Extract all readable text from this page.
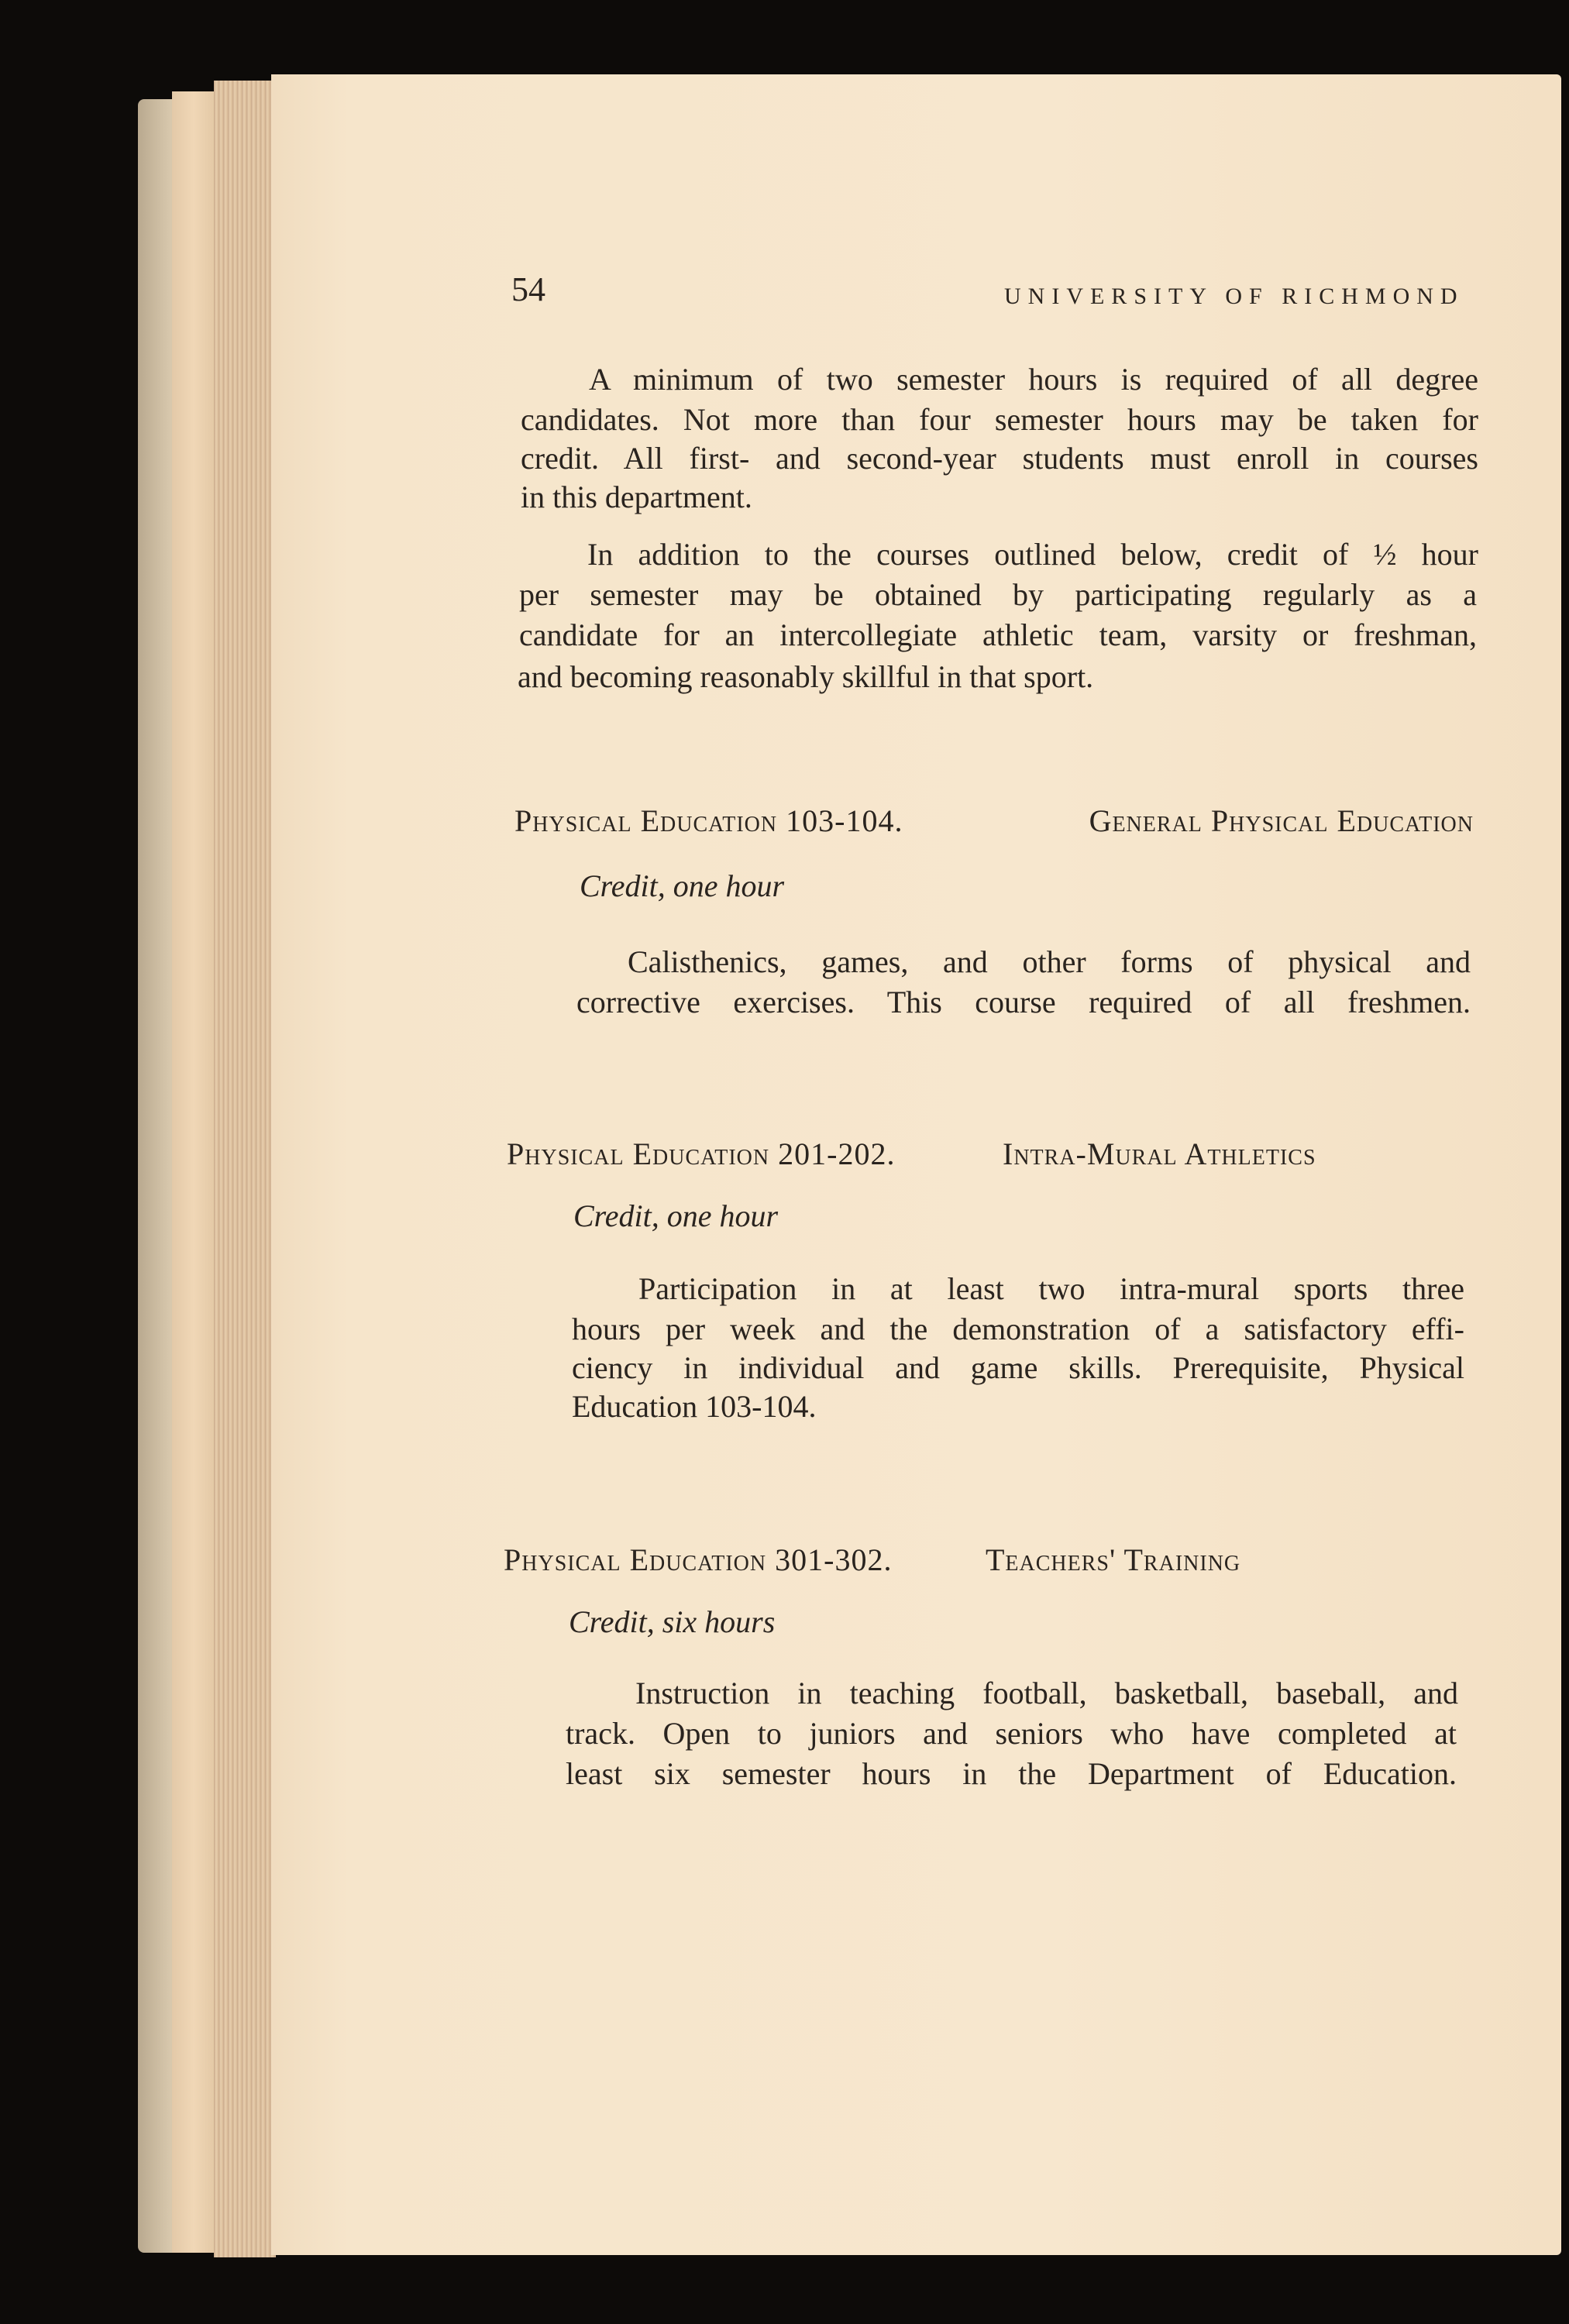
54	UNIVERSITY OF RICHMOND
A minimum of two semester hours is required of all degree
candidates. Not more than four semester hours may be taken for
credit. All first- and second-year students must enroll in courses
in this department.
In addition to the courses outlined below, credit of ½ hour
per semester may be obtained by participating regularly as a
candidate for an intercollegiate athletic team, varsity or freshman,
and becoming reasonably skillful in that sport.
Physical Education 103-104.	General Physical Education
Credit, one hour
Calisthenics, games, and other forms of physical and
corrective exercises. This course required of all freshmen.
Physical Education 201-202.	Intra-Mural Athletics
Credit, one hour
Participation in at least two intra-mural sports three
hours per week and the demonstration of a satisfactory effi-
ciency in individual and game skills. Prerequisite, Physical
Education 103-104.
Physical Education 301-302.	Teachers' Training
Credit, six hours
Instruction in teaching football, basketball, baseball, and
track. Open to juniors and seniors who have completed at
least six semester hours in the Department of Education.
